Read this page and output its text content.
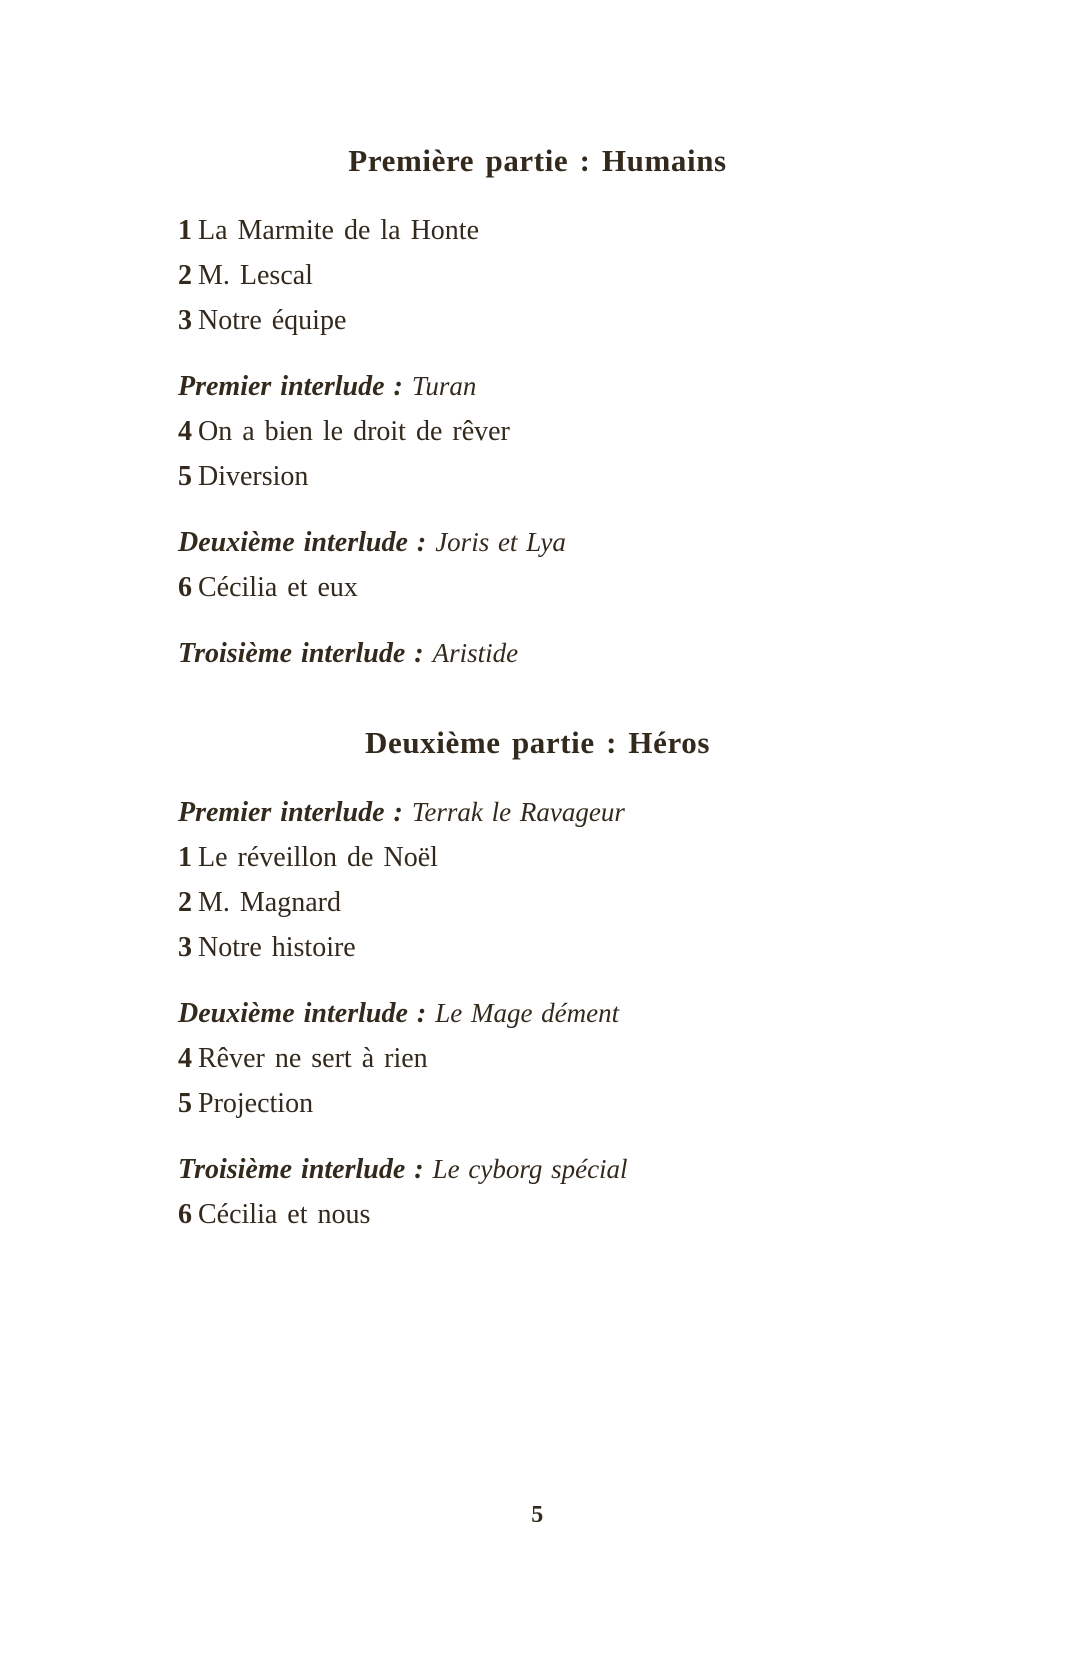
Première partie : Humains
1 La Marmite de la Honte
2 M. Lescal
3 Notre équipe
Premier interlude : Turan
4 On a bien le droit de rêver
5 Diversion
Deuxième interlude : Joris et Lya
6 Cécilia et eux
Troisième interlude : Aristide
Deuxième partie : Héros
Premier interlude : Terrak le Ravageur
1 Le réveillon de Noël
2 M. Magnard
3 Notre histoire
Deuxième interlude : Le Mage dément
4 Rêver ne sert à rien
5 Projection
Troisième interlude : Le cyborg spécial
6 Cécilia et nous
5
